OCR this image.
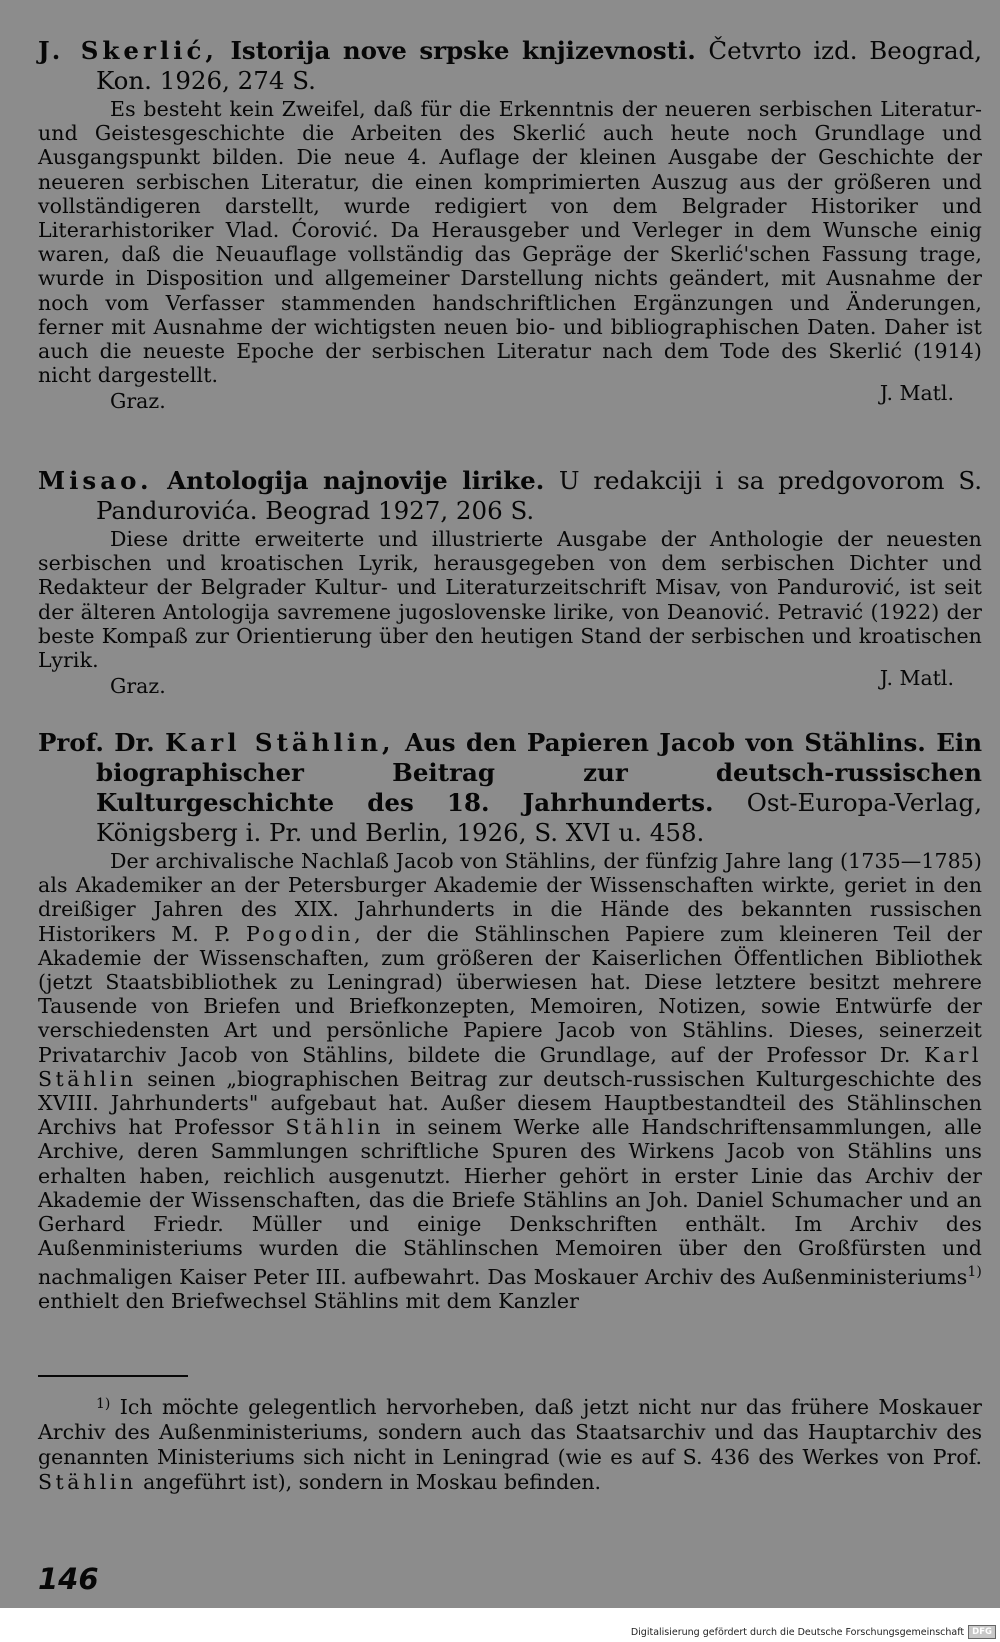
J. Skerlić, Istorija nove srpske knjizevnosti. Četvrto izd. Beograd, Kon. 1926, 274 S.

Es besteht kein Zweifel, daß für die Erkenntnis der neueren serbischen Literatur- und Geistesgeschichte die Arbeiten des Skerlić auch heute noch Grundlage und Ausgangspunkt bilden. Die neue 4. Auflage der kleinen Ausgabe der Geschichte der neueren serbischen Literatur, die einen komprimierten Auszug aus der größeren und vollständigeren darstellt, wurde redigiert von dem Belgrader Historiker und Literarhistoriker Vlad. Ćorović. Da Herausgeber und Verleger in dem Wunsche einig waren, daß die Neuauflage vollständig das Gepräge der Skerlić'schen Fassung trage, wurde in Disposition und allgemeiner Darstellung nichts geändert, mit Ausnahme der noch vom Verfasser stammenden handschriftlichen Ergänzungen und Änderungen, ferner mit Ausnahme der wichtigsten neuen bio- und bibliographischen Daten. Daher ist auch die neueste Epoche der serbischen Literatur nach dem Tode des Skerlić (1914) nicht dargestellt.

Graz.	J. Matl.

Misao. Antologija najnovije lirike. U redakciji i sa predgovorom S. Pandurovića. Beograd 1927, 206 S.

Diese dritte erweiterte und illustrierte Ausgabe der Anthologie der neuesten serbischen und kroatischen Lyrik, herausgegeben von dem serbischen Dichter und Redakteur der Belgrader Kultur- und Literaturzeitschrift Misav, von Pandurović, ist seit der älteren Antologija savremene jugoslovenske lirike, von Deanović. Petravić (1922) der beste Kompaß zur Orientierung über den heutigen Stand der serbischen und kroatischen Lyrik.

Graz.	J. Matl.

Prof. Dr. Karl Stählin, Aus den Papieren Jacob von Stählins. Ein biographischer Beitrag zur deutsch-russischen Kulturgeschichte des 18. Jahrhunderts. Ost-Europa-Verlag, Königsberg i. Pr. und Berlin, 1926, S. XVI u. 458.

Der archivalische Nachlaß Jacob von Stählins, der fünfzig Jahre lang (1735—1785) als Akademiker an der Petersburger Akademie der Wissenschaften wirkte, geriet in den dreißiger Jahren des XIX. Jahrhunderts in die Hände des bekannten russischen Historikers M. P. Pogodin, der die Stählinschen Papiere zum kleineren Teil der Akademie der Wissenschaften, zum größeren der Kaiserlichen Öffentlichen Bibliothek (jetzt Staatsbibliothek zu Leningrad) überwiesen hat. Diese letztere besitzt mehrere Tausende von Briefen und Briefkonzepten, Memoiren, Notizen, sowie Entwürfe der verschiedensten Art und persönliche Papiere Jacob von Stählins. Dieses, seinerzeit Privatarchiv Jacob von Stählins, bildete die Grundlage, auf der Professor Dr. Karl Stählin seinen „biographischen Beitrag zur deutsch-russischen Kulturgeschichte des XVIII. Jahrhunderts" aufgebaut hat. Außer diesem Hauptbestandteil des Stählinschen Archivs hat Professor Stählin in seinem Werke alle Handschriftensammlungen, alle Archive, deren Sammlungen schriftliche Spuren des Wirkens Jacob von Stählins uns erhalten haben, reichlich ausgenutzt. Hierher gehört in erster Linie das Archiv der Akademie der Wissenschaften, das die Briefe Stählins an Joh. Daniel Schumacher und an Gerhard Friedr. Müller und einige Denkschriften enthält. Im Archiv des Außenministeriums wurden die Stählinschen Memoiren über den Großfürsten und nachmaligen Kaiser Peter III. aufbewahrt. Das Moskauer Archiv des Außenministeriums$^{1)}$ enthielt den Briefwechsel Stählins mit dem Kanzler

$^{1)}$ Ich möchte gelegentlich hervorheben, daß jetzt nicht nur das frühere Moskauer Archiv des Außenministeriums, sondern auch das Staatsarchiv und das Hauptarchiv des genannten Ministeriums sich nicht in Leningrad (wie es auf S. 436 des Werkes von Prof. Stählin angeführt ist), sondern in Moskau befinden.

146
Digitalisierung gefördert durch die Deutsche Forschungsgemeinschaft DFG
